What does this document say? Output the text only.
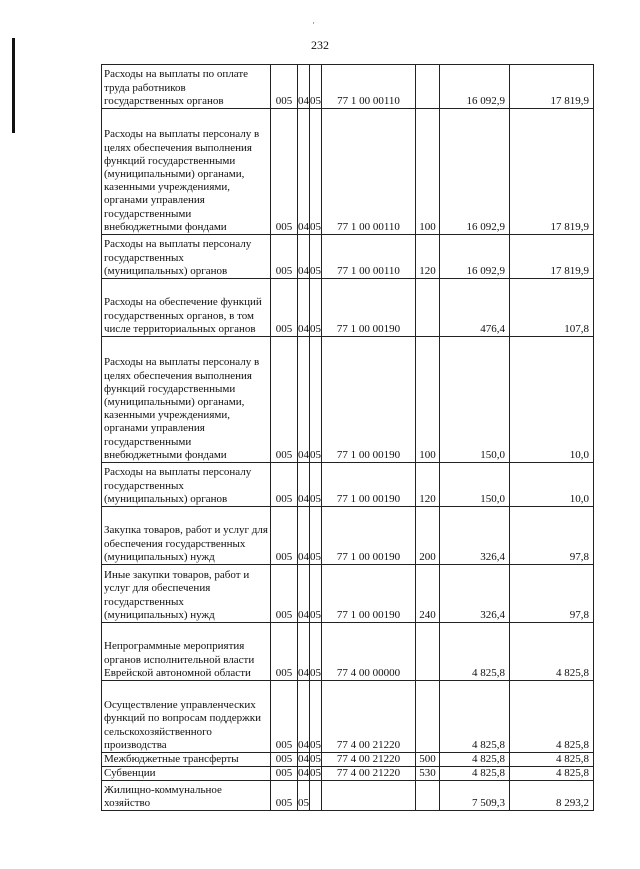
·
232
Расходы на выплаты по оплате труда работников государственных органов	005	04	05	77 1 00 00110		16 092,9	17 819,9
Расходы на выплаты персоналу в целях обеспечения выполнения функций государственными (муниципальными) органами, казенными учреждениями, органами управления государственными внебюджетными фондами	005	04	05	77 1 00 00110	100	16 092,9	17 819,9
Расходы на выплаты персоналу государственных (муниципальных) органов	005	04	05	77 1 00 00110	120	16 092,9	17 819,9
Расходы на обеспечение функций государственных органов, в том числе территориальных органов	005	04	05	77 1 00 00190		476,4	107,8
Расходы на выплаты персоналу в целях обеспечения выполнения функций государственными (муниципальными) органами, казенными учреждениями, органами управления государственными внебюджетными фондами	005	04	05	77 1 00 00190	100	150,0	10,0
Расходы на выплаты персоналу государственных (муниципальных) органов	005	04	05	77 1 00 00190	120	150,0	10,0
Закупка товаров, работ и услуг для обеспечения государственных (муниципальных) нужд	005	04	05	77 1 00 00190	200	326,4	97,8
Иные закупки товаров, работ и услуг для обеспечения государственных (муниципальных) нужд	005	04	05	77 1 00 00190	240	326,4	97,8
Непрограммные мероприятия органов исполнительной власти Еврейской автономной области	005	04	05	77 4 00 00000		4 825,8	4 825,8
Осуществление управленческих функций по вопросам поддержки сельскохозяйственного производства	005	04	05	77 4 00 21220		4 825,8	4 825,8
Межбюджетные трансферты	005	04	05	77 4 00 21220	500	4 825,8	4 825,8
Субвенции	005	04	05	77 4 00 21220	530	4 825,8	4 825,8
Жилищно-коммунальное хозяйство	005	05				7 509,3	8 293,2
